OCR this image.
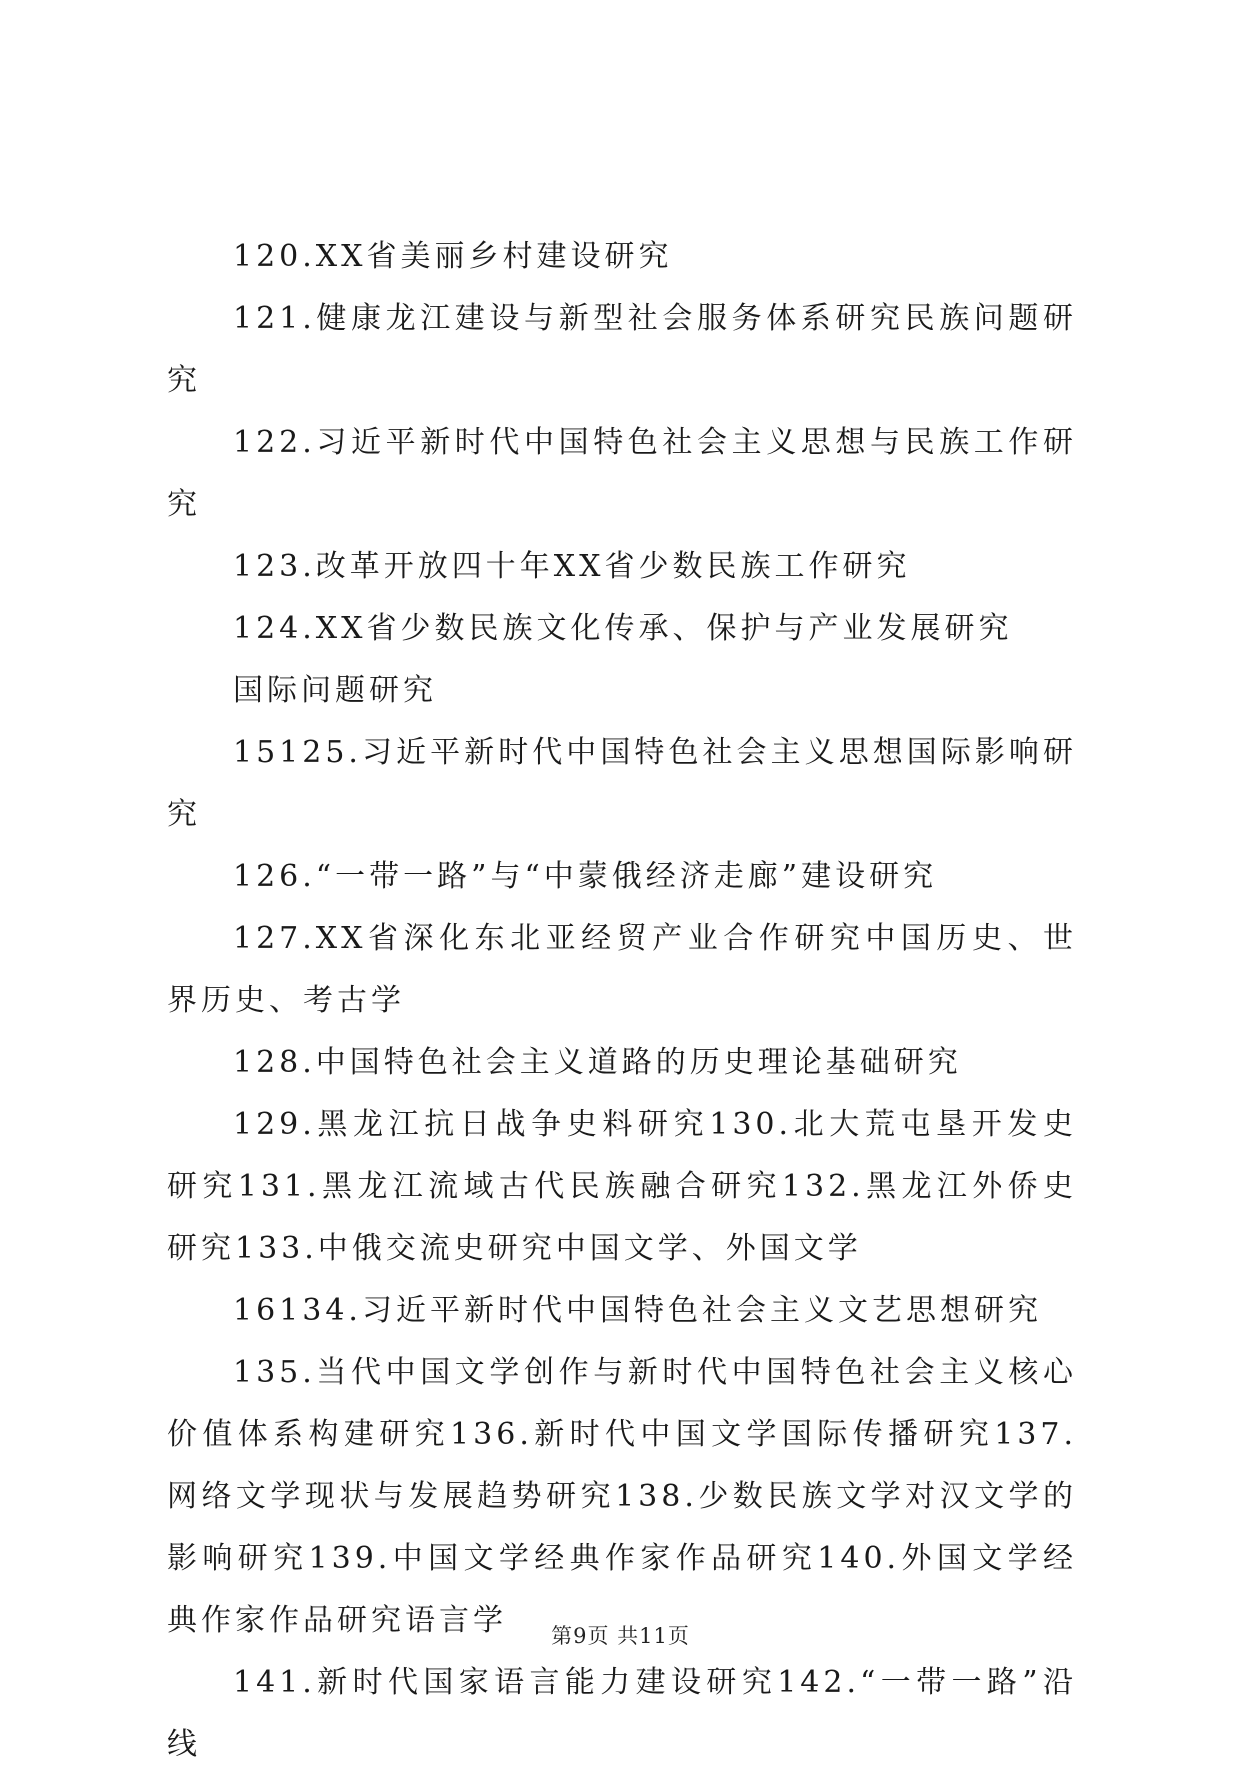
120.XX省美丽乡村建设研究

121.健康龙江建设与新型社会服务体系研究民族问题研究

122.习近平新时代中国特色社会主义思想与民族工作研究

123.改革开放四十年XX省少数民族工作研究

124.XX省少数民族文化传承、保护与产业发展研究

国际问题研究

15125.习近平新时代中国特色社会主义思想国际影响研究

126.“一带一路”与“中蒙俄经济走廊”建设研究

127.XX省深化东北亚经贸产业合作研究中国历史、世界历史、考古学

128.中国特色社会主义道路的历史理论基础研究

129.黑龙江抗日战争史料研究130.北大荒屯垦开发史研究131.黑龙江流域古代民族融合研究132.黑龙江外侨史研究133.中俄交流史研究中国文学、外国文学

16134.习近平新时代中国特色社会主义文艺思想研究

135.当代中国文学创作与新时代中国特色社会主义核心价值体系构建研究136.新时代中国文学国际传播研究137.网络文学现状与发展趋势研究138.少数民族文学对汉文学的影响研究139.中国文学经典作家作品研究140.外国文学经典作家作品研究语言学

141.新时代国家语言能力建设研究142.“一带一路”沿线

第9页 共11页
